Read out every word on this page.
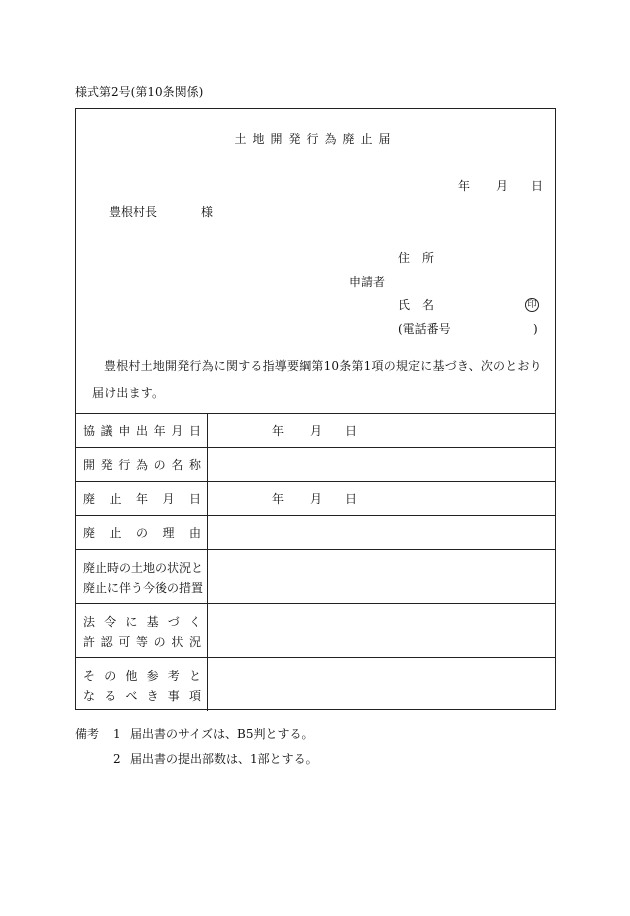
様式第2号(第10条関係)
土地開発行為廃止届
年 月 日
豊根村長	様
住　所
申請者
氏　名	印
(電話番号	)
豊根村土地開発行為に関する指導要綱第10条第1項の規定に基づき、次のとおり届け出ます。
協議申出年月日	年 月 日
開発行為の名称
廃止年月日	年 月 日
廃止の理由
廃止時の土地の状況と
廃止に伴う今後の措置
法令に基づく
許認可等の状況
その他参考と
なるべき事項
備考 1 届出書のサイズは、B5判とする。
2 届出書の提出部数は、1部とする。
